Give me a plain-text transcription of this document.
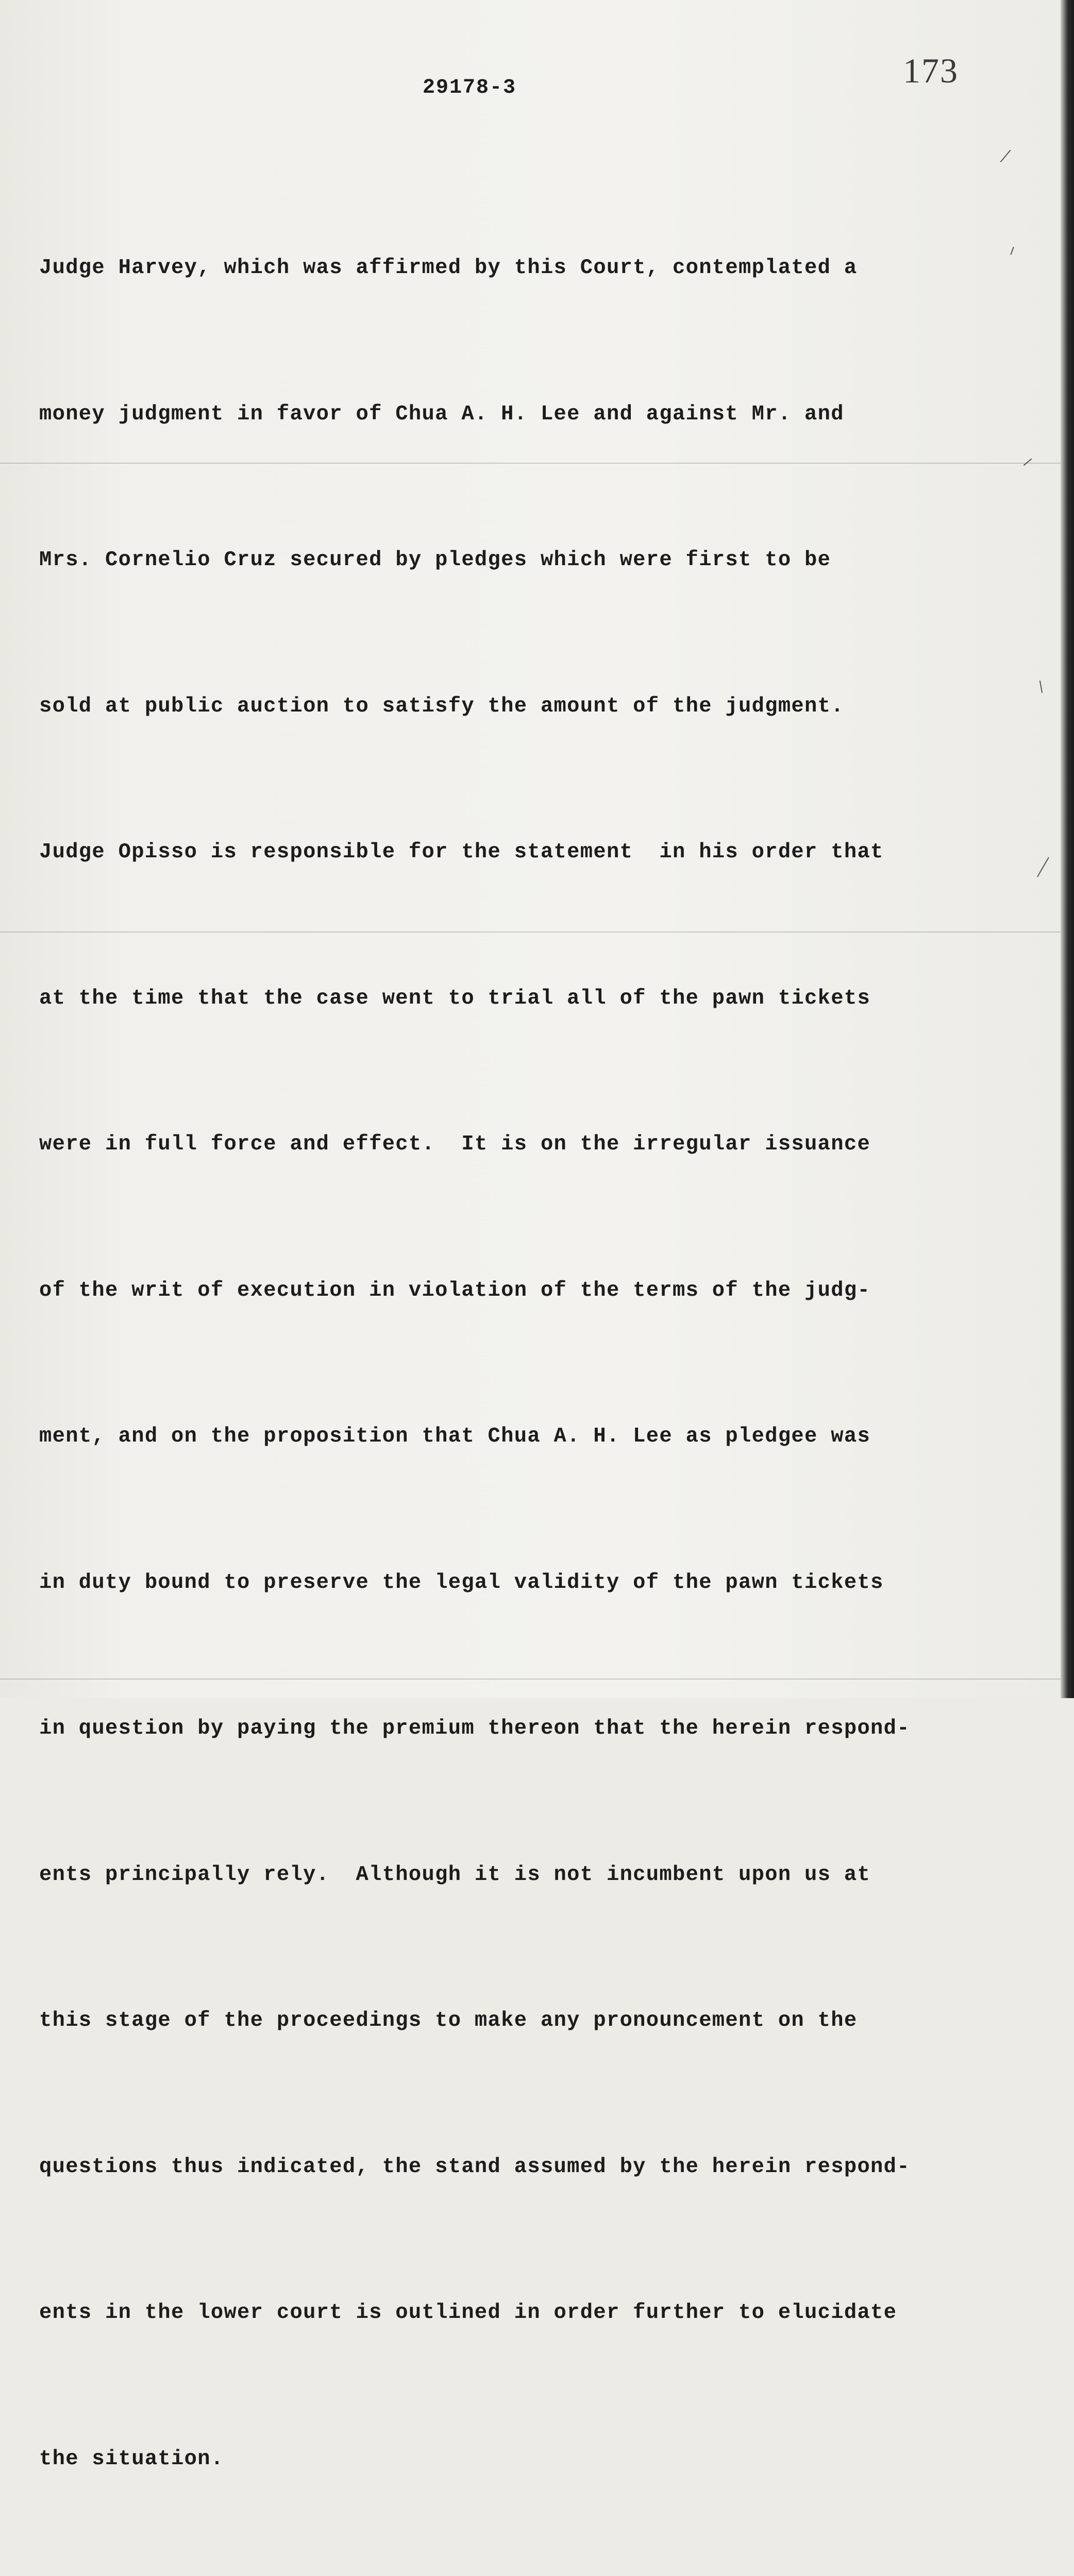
173
29178-3

Judge Harvey, which was affirmed by this Court, contemplated a

money judgment in favor of Chua A. H. Lee and against Mr. and

Mrs. Cornelio Cruz secured by pledges which were first to be

sold at public auction to satisfy the amount of the judgment.

Judge Opisso is responsible for the statement  in his order that

at the time that the case went to trial all of the pawn tickets

were in full force and effect.  It is on the irregular issuance

of the writ of execution in violation of the terms of the judg-

ment, and on the proposition that Chua A. H. Lee as pledgee was

in duty bound to preserve the legal validity of the pawn tickets

in question by paying the premium thereon that the herein respond-

ents principally rely.  Although it is not incumbent upon us at

this stage of the proceedings to make any pronouncement on the

questions thus indicated, the stand assumed by the herein respond-

ents in the lower court is outlined in order further to elucidate

the situation.
